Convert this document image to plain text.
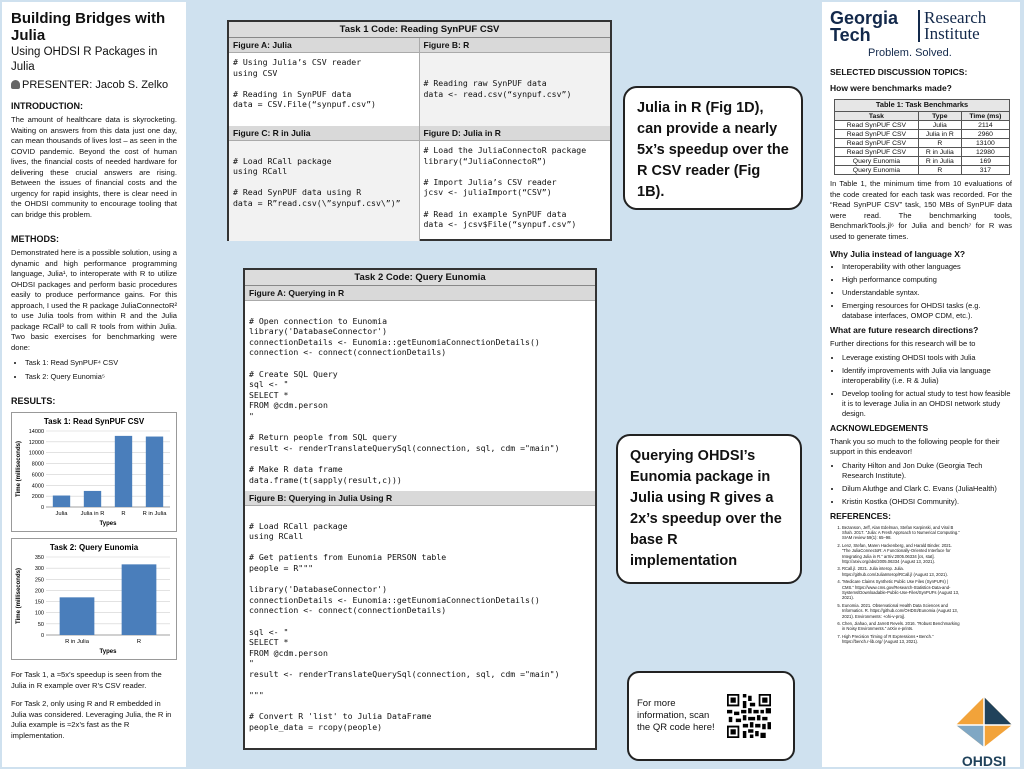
Building Bridges with Julia
Using OHDSI R Packages in Julia
PRESENTER: Jacob S. Zelko
INTRODUCTION:
The amount of healthcare data is skyrocketing. Waiting on answers from this data just one day, can mean thousands of lives lost – as seen in the COVID pandemic. Beyond the cost of human lives, the financial costs of needed hardware for delivering these crucial answers are rising. Between the issues of financial costs and the urgency for rapid insights, there is clear need in the OHDSI community to encourage tooling that can bridge this problem.
METHODS:
Demonstrated here is a possible solution, using a dynamic and high performance programming language, Julia¹, to interoperate with R to utilize OHDSI packages and perform basic procedures easily to produce performance gains. For this approach, I used the R package JuliaConnectoR² to use Julia tools from within R and the Julia package RCall³ to call R tools from within Julia. Two basic exercises for benchmarking were done:
• Task 1: Read SynPUF⁴ CSV
• Task 2: Query Eunomia⁵
RESULTS:
Task 1: Read SynPUF CSV
0
2000
4000
6000
8000
10000
12000
14000
Julia Julia in R	R	R in Julia
Types
Time (milliseconds)
Task 2: Query Eunomia
0
50
100
150
200
250
300
350
R in Julia	R
Types
Time (milliseconds)

For Task 1, a ≈5x’s speedup is seen from the Julia in R example over R’s CSV reader.

For Task 2, only using R and R embedded in Julia was considered. Leveraging Julia, the R in Julia example is ≈2x’s fast as the R implementation.

Task 1 Code: Reading SynPUF CSV
Figure A: Julia
# Using Julia’s CSV reader
using CSV

# Reading in SynPUF data
data = CSV.File(“synpuf.csv”)
Figure B: R

# Reading raw SynPUF data
data <- read.csv(“synpuf.csv”)
Figure C: R in Julia

# Load RCall package
using RCall

# Read SynPUF data using R
data = R”read.csv(\”synpuf.csv\”)”
Figure D: Julia in R
# Load the JuliaConnectoR package
library(“JuliaConnectoR”)

# Import Julia’s CSV reader
jcsv <- juliaImport(“CSV”)

# Read in example SynPUF data
data <- jcsv$File(“synpuf.csv”)
Task 2 Code: Query Eunomia
Figure A: Querying in R

# Open connection to Eunomia
library('DatabaseConnector')
connectionDetails <- Eunomia::getEunomiaConnectionDetails()
connection <- connect(connectionDetails)

# Create SQL Query
sql <- "
SELECT *
FROM @cdm.person
"

# Return people from SQL query
result <- renderTranslateQuerySql(connection, sql, cdm ="main")

# Make R data frame
data.frame(t(sapply(result,c)))
Figure B: Querying in Julia Using R

# Load RCall package
using RCall

# Get patients from Eunomia PERSON table
people = R"""

library('DatabaseConnector')
connectionDetails <- Eunomia::getEunomiaConnectionDetails()
connection <- connect(connectionDetails)

sql <- "
SELECT *
FROM @cdm.person
"
result <- renderTranslateQuerySql(connection, sql, cdm ="main")

"""

# Convert R 'list' to Julia DataFrame
people_data = rcopy(people)
Julia in R (Fig 1D), can provide a nearly 5x’s speedup over the R CSV reader (Fig 1B).
Querying OHDSI’s Eunomia package in Julia using R gives a 2x’s speedup over the base R implementation
For more information, scan the QR code here!
Georgia Tech
Research Institute
Problem. Solved.
SELECTED DISCUSSION TOPICS:
How were benchmarks made?
Table 1: Task Benchmarks
Task	Type	Time (ms)
Read SynPUF CSV	Julia	2114
Read SynPUF CSV	Julia in R	2960
Read SynPUF CSV	R	13100
Read SynPUF CSV	R in Julia	12980
Query Eunomia	R in Julia	169
Query Eunomia	R	317
In Table 1, the minimum time from 10 evaluations of the code created for each task was recorded. For the “Read SynPUF CSV” task, 150 MBs of SynPUF data were read. The benchmarking tools, BenchmarkTools.jl⁶ for Julia and bench⁷ for R was used to generate times.
Why Julia instead of language X?
• Interoperability with other languages
• High performance computing
• Understandable syntax.
• Emerging resources for OHDSI tasks (e.g. database interfaces, OMOP CDM, etc.).
What are future research directions?
Further directions for this research will be to
• Leverage existing OHDSI tools with Julia
• Identify improvements with Julia via language interoperability (i.e. R & Julia)
• Develop tooling for actual study to test how feasible it is to leverage Julia in an OHDSI network study design.
ACKNOWLEDGEMENTS
Thank you so much to the following people for their support in this endeavor!
• Charity Hilton and Jon Duke (Georgia Tech Research Institute).
• Dilum Aluthge and Clark C. Evans (JuliaHealth)
• Kristin Kostka (OHDSI Community).
REFERENCES:
1. Bezanson, Jeff, Alan Edelman, Stefan Karpinski, and Viral B Shah. 2017. “Julia: A Fresh Approach to Numerical Computing.” SIAM review 59(1): 65–98.
2. Lenz, Stefan, Maren Hackenberg, and Harald Binder. 2021. “The JuliaConnectoR: A Functionally-Oriented Interface for Integrating Julia in R.” arXiv:2005.06334 [cs, stat]. http://arxiv.org/abs/2005.06334 (August 13, 2021).
3. RCall.jl. 2021. Julia interop. Julia. https://github.com/JuliaInterop/RCall.jl (August 13, 2021).
4. “Medicare Claims Synthetic Public Use Files (SynPUFs) | CMS.” https://www.cms.gov/Research-Statistics-Data-and-Systems/Downloadable-Public-Use-Files/SynPUFs (August 13, 2021).
5. Eunomia. 2021. Observational Health Data Sciences and Informatics. R. https://github.com/OHDSI/Eunomia (August 13, 2021). Environments: +ohi-v-proj).
6. Chen, Jiahao, and Jarrett Revels. 2016. “Robust Benchmarking in Noisy Environments.” arXiv e-prints.
7. High Precision Timing of R Expressions • Bench.” https://bench.r-lib.org/ (August 13, 2021).
OHDSI
